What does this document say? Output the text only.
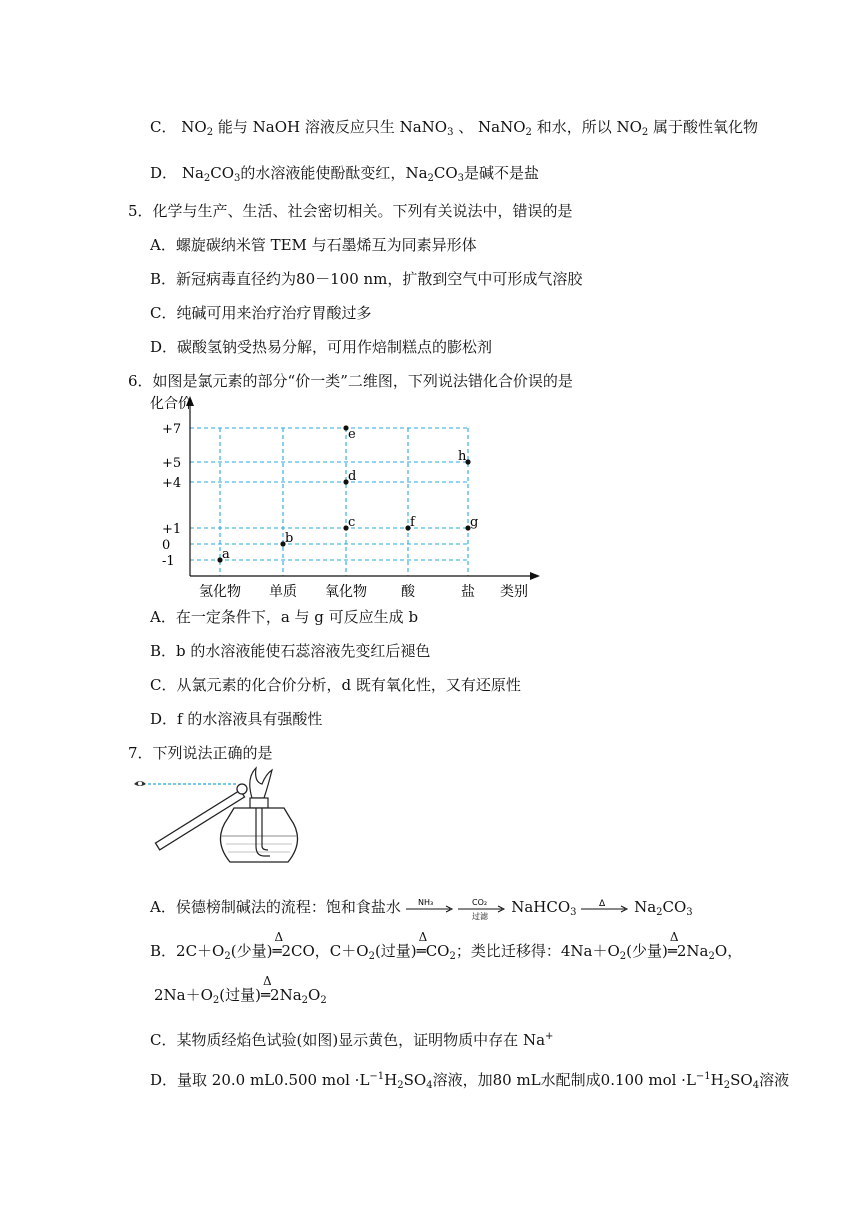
C． $NO_2$ 能与 NaOH 溶液反应只生 NaNO$_3$ 、 NaNO$_2$ 和水，所以 $NO_2$ 属于酸性氧化物
D． $Na_2CO_3$的水溶液能使酚酞变红，$Na_2CO_3$是碱不是盐
5．化学与生产、生活、社会密切相关。下列有关说法中，错误的是
A．螺旋碳纳米管 TEM 与石墨烯互为同素异形体
B．新冠病毒直径约为80－100 nm，扩散到空气中可形成气溶胶
C．纯碱可用来治疗治疗胃酸过多
D．碳酸氢钠受热易分解，可用作焙制糕点的膨松剂
6．如图是氯元素的部分“价一类”二维图，下列说法错化合价误的是
化合价
+7
+5
+4
+1
0
-1
氢化物 单质 氧化物 酸	盐 类别
a
b
c
d
e
f	g
h
A．在一定条件下，a 与 g 可反应生成 b
B．b 的水溶液能使石蕊溶液先变红后褪色
C．从氯元素的化合价分析，d 既有氧化性，又有还原性
D．f 的水溶液具有强酸性
7．下列说法正确的是
A．侯德榜制碱法的流程：饱和食盐水 NH₃
	CO₂
过滤
NaHCO$_3$
Δ $Na_2CO_3$
B．$2C+O_2$(少量)Δ ═2CO，$C+O_2$(过量)Δ $═CO_2$；类比迁移得：$4Na+O_2$(少量)Δ $═2Na_2O$，
$2Na+O_2$(过量)Δ $═2Na_2O_2$
C．某物质经焰色试验(如图)显示黄色，证明物质中存在 Na+
D．量取 20.0 mL0.500 mol $\cdot L^{-1}H_2SO_4$溶液，加80 mL水配制成0.100 mol $\cdot L^{-1}H_2SO_4$溶液
